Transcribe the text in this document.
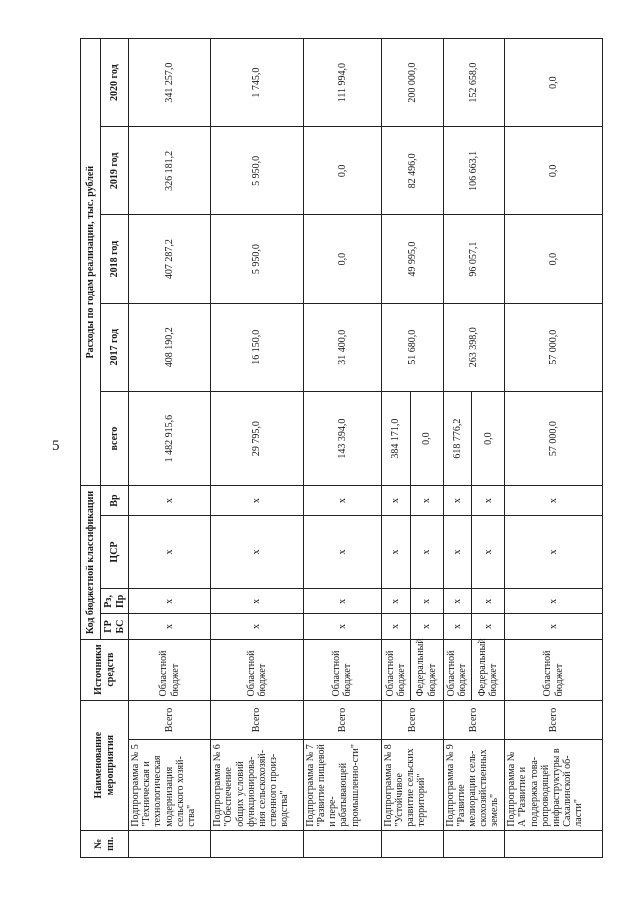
5
№ пп.	Наименование мероприятия		Источники средств	Код бюджетной классификации				Расходы по годам реализации, тыс. рублей				
				ГР БС	Рз, Пр	ЦСР	Вр	всего	2017 год	2018 год	2019 год	2020 год
	Подпрограмма № 5 "Техническая и технологическая модернизация сельского хозяй-ства"	Всего	Областной бюджет	x	x	x	x	1 482 915,6	408 190,2	407 287,2	326 181,2	341 257,0
	Подпрограмма № 6 "Обеспечение общих условий функционирова-ния сельскохозяй-ственного произ-водства"	Всего	Областной бюджет	x	x	x	x	29 795,0	16 150,0	5 950,0	5 950,0	1 745,0
	Подпрограмма № 7 "Развитие пищевой и пере-рабатывающей промышленно-сти"	Всего	Областной бюджет	x	x	x	x	143 394,0	31 400,0	0,0	0,0	111 994,0
	Подпрограмма № 8 "Устойчивое развитие сельских территорий"	Всего	Областной бюджет	x	x	x	x	384 171,0	51 680,0	49 995,0	82 496,0	200 000,0
			Федеральный бюджет	x	x	x	x	0,0				
	Подпрограмма № 9 "Развитие мелиорации сель-скохозяйственных земель"	Всего	Областной бюджет	x	x	x	x	618 776,2	263 398,0	96 057,1	106 663,1	152 658,0
			Федеральный бюджет	x	x	x	x	0,0				
	Подпрограмма № А "Развитие и поддержка това-ропроводящей инфраструктуры в Сахалинской об-ласти"	Всего	Областной бюджет	x	x	x	x	57 000,0	57 000,0	0,0	0,0	0,0
